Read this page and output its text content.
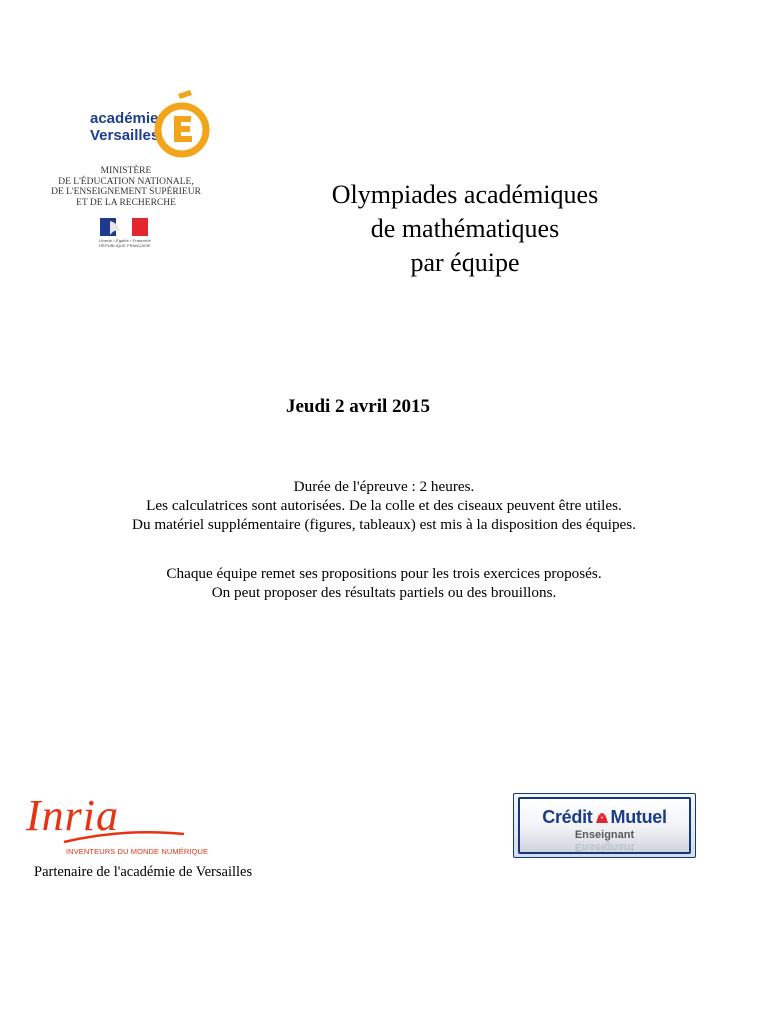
académie
Versailles
MINISTÈRE
DE L'ÉDUCATION NATIONALE,
DE L'ENSEIGNEMENT SUPÉRIEUR
ET DE LA RECHERCHE
Liberté • Égalité • Fraternité RÉPUBLIQUE FRANÇAISE
Olympiades académiques
de mathématiques
par équipe
Jeudi 2 avril 2015
Durée de l'épreuve : 2 heures.
Les calculatrices sont autorisées. De la colle et des ciseaux peuvent être utiles.
Du matériel supplémentaire (figures, tableaux) est mis à la disposition des équipes.
Chaque équipe remet ses propositions pour les trois exercices proposés.
On peut proposer des résultats partiels ou des brouillons.
Inria
INVENTEURS DU MONDE NUMÉRIQUE
Partenaire de l'académie de Versailles
Crédit Mutuel
Enseignant
Enseignant
